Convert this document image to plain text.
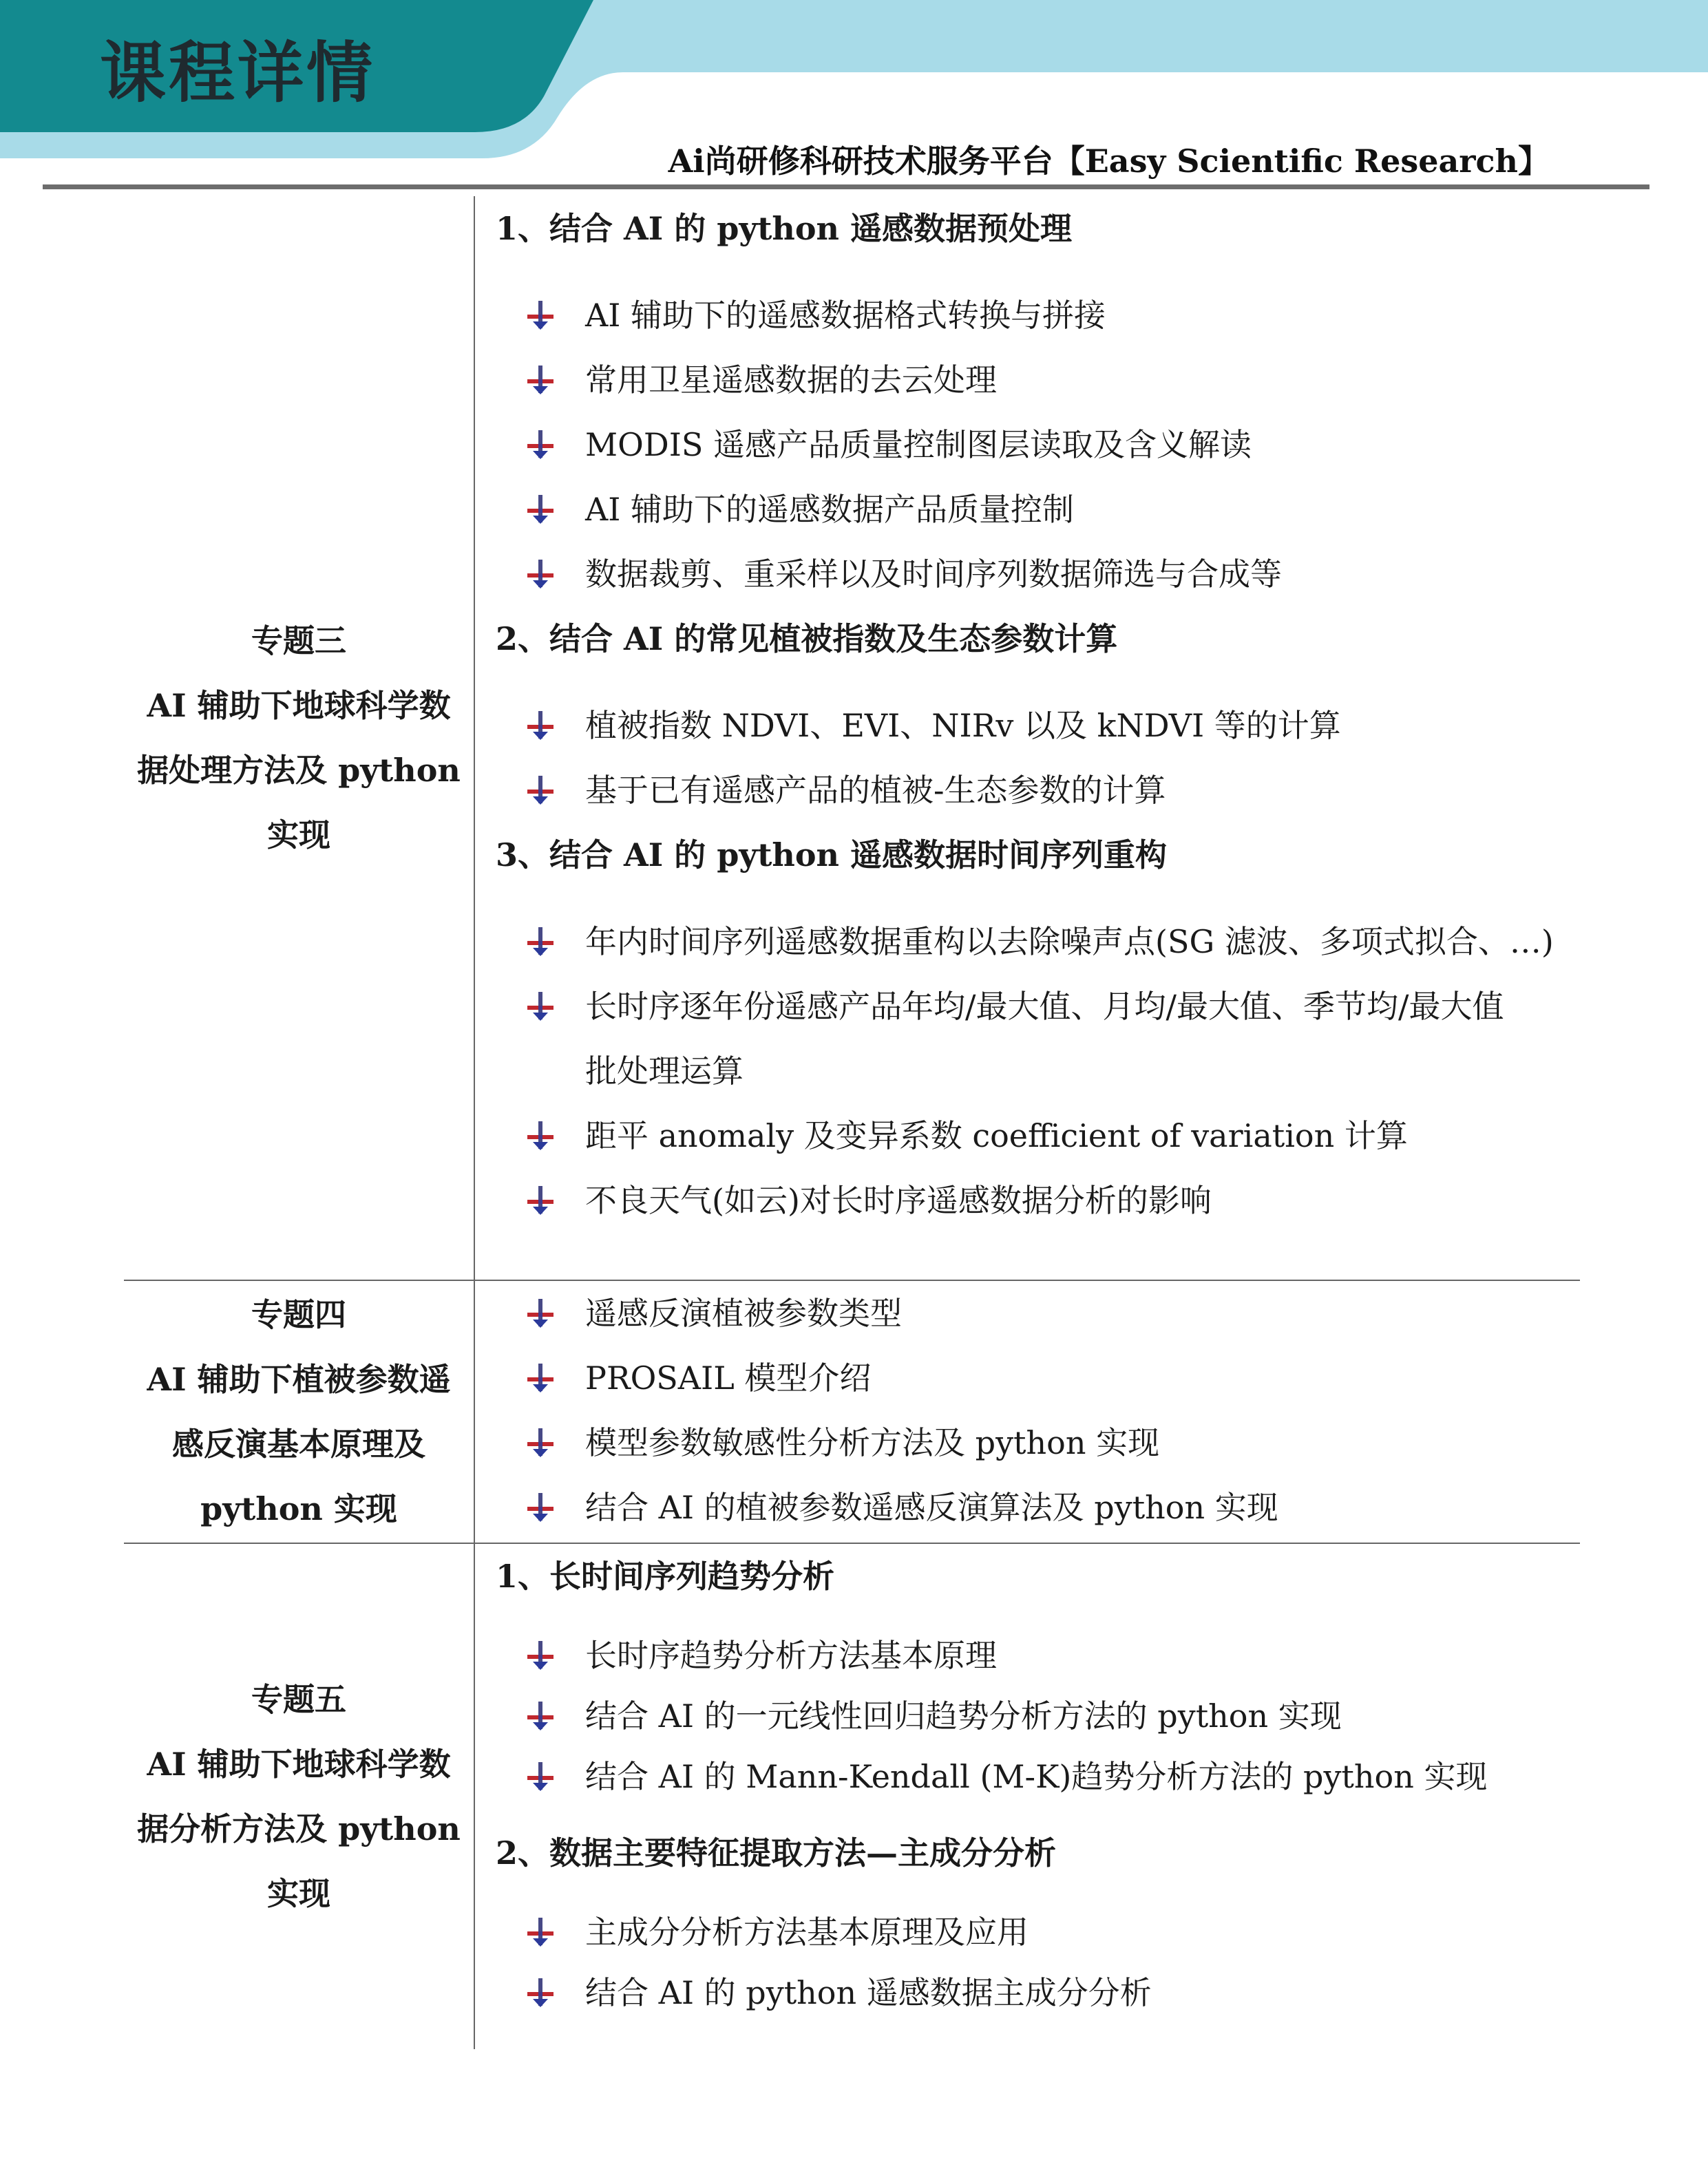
课程详情
Ai尚研修科研技术服务平台【Easy Scientific Research】
专题三
AI 辅助下地球科学数
据处理方法及 python
实现
1、结合 AI 的 python 遥感数据预处理
AI 辅助下的遥感数据格式转换与拼接
常用卫星遥感数据的去云处理
MODIS 遥感产品质量控制图层读取及含义解读
AI 辅助下的遥感数据产品质量控制
数据裁剪、重采样以及时间序列数据筛选与合成等
2、结合 AI 的常见植被指数及生态参数计算
植被指数 NDVI、EVI、NIRv 以及 kNDVI 等的计算
基于已有遥感产品的植被-生态参数的计算
3、结合 AI 的 python 遥感数据时间序列重构
年内时间序列遥感数据重构以去除噪声点(SG 滤波、多项式拟合、…)
长时序逐年份遥感产品年均/最大值、月均/最大值、季节均/最大值
批处理运算
距平 anomaly 及变异系数 coefficient of variation 计算
不良天气(如云)对长时序遥感数据分析的影响
专题四
AI 辅助下植被参数遥
感反演基本原理及
python 实现
遥感反演植被参数类型
PROSAIL 模型介绍
模型参数敏感性分析方法及 python 实现
结合 AI 的植被参数遥感反演算法及 python 实现
专题五
AI 辅助下地球科学数
据分析方法及 python
实现
1、长时间序列趋势分析
长时序趋势分析方法基本原理
结合 AI 的一元线性回归趋势分析方法的 python 实现
结合 AI 的 Mann-Kendall (M-K)趋势分析方法的 python 实现
2、数据主要特征提取方法—主成分分析
主成分分析方法基本原理及应用
结合 AI 的 python 遥感数据主成分分析
